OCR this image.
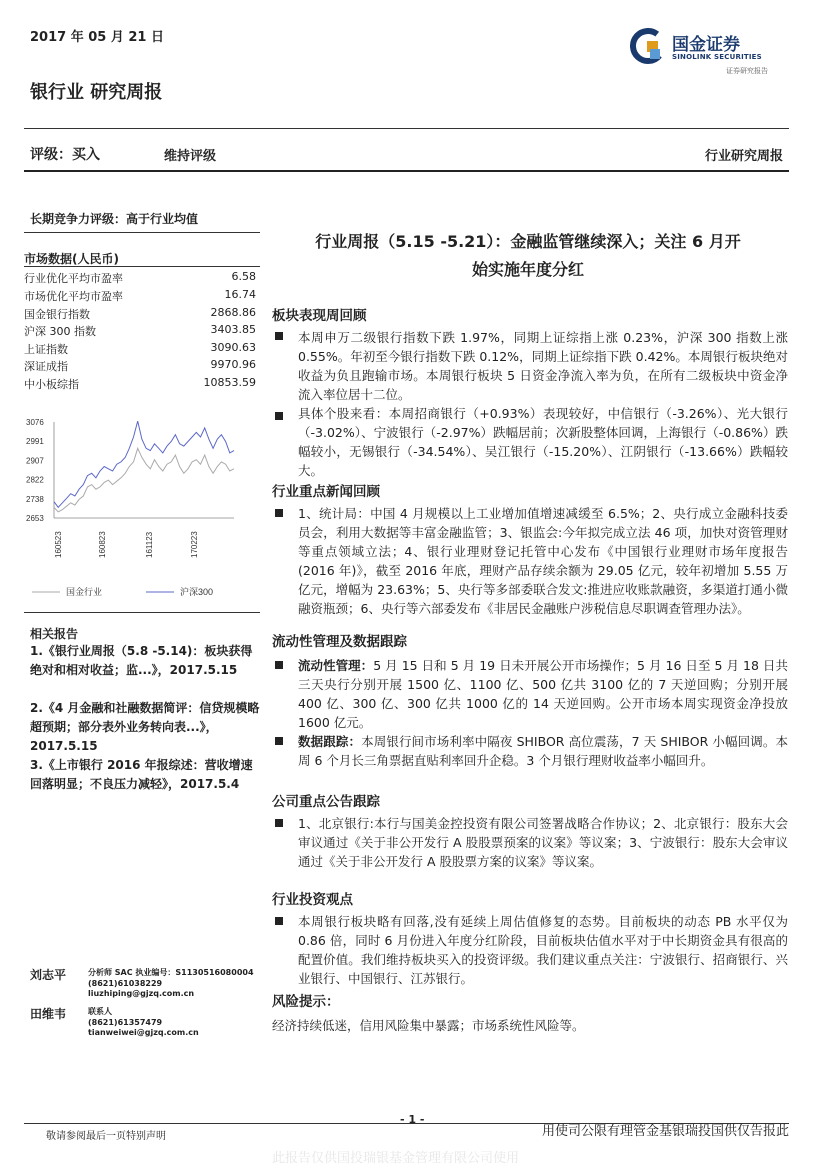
2017 年 05 月 21 日
银行业 研究周报
评级：买入	维持评级	行业研究周报
国金证券
SINOLINK SECURITIES
证券研究报告
长期竞争力评级：高于行业均值
市场数据(人民币)
行业优化平均市盈率	6.58
市场优化平均市盈率	16.74
国金银行指数	2868.86
沪深 300 指数	3403.85
上证指数	3090.63
深证成指	9970.96
中小板综指	10853.59
3076
2991
2907
2822
2738
2653
160523	160823	161123	170223
国金行业	沪深300
相关报告
1.《银行业周报（5.8 -5.14)：板块获得绝对和相对收益；监...》，2017.5.15
2.《4 月金融和社融数据简评：信贷规模略超预期；部分表外业务转向表...》，2017.5.15
3.《上市银行 2016 年报综述：营收增速回落明显；不良压力减轻》，2017.5.4
刘志平	分析师 SAC 执业编号：S1130516080004
(8621)61038229
liuzhiping@gjzq.com.cn
田维韦	联系人
(8621)61357479
tianweiwei@gjzq.com.cn
行业周报（5.15 -5.21）：金融监管继续深入；关注 6 月开
始实施年度分红
板块表现周回顾
本周申万二级银行指数下跌 1.97%，同期上证综指上涨 0.23%，沪深 300 指数上涨 0.55%。年初至今银行指数下跌 0.12%，同期上证综指下跌 0.42%。本周银行板块绝对收益为负且跑输市场。本周银行板块 5 日资金净流入率为负，在所有二级板块中资金净流入率位居十二位。
具体个股来看：本周招商银行（+0.93%）表现较好，中信银行（-3.26%）、光大银行（-3.02%）、宁波银行（-2.97%）跌幅居前；次新股整体回调，上海银行（-0.86%）跌幅较小，无锡银行（-34.54%）、吴江银行（-15.20%）、江阴银行（-13.66%）跌幅较大。
行业重点新闻回顾
1、统计局：中国 4 月规模以上工业增加值增速减缓至 6.5%；2、央行成立金融科技委员会，利用大数据等丰富金融监管；3、银监会:今年拟完成立法 46 项，加快对资管理财等重点领域立法；4、银行业理财登记托管中心发布《中国银行业理财市场年度报告(2016 年)》，截至 2016 年底，理财产品存续余额为 29.05 亿元，较年初增加 5.55 万亿元，增幅为 23.63%；5、央行等多部委联合发文:推进应收账款融资，多渠道打通小微融资瓶颈；6、央行等六部委发布《非居民金融账户涉税信息尽职调查管理办法》。
流动性管理及数据跟踪
流动性管理：5 月 15 日和 5 月 19 日未开展公开市场操作；5 月 16 日至 5 月 18 日共三天央行分别开展 1500 亿、1100 亿、500 亿共 3100 亿的 7 天逆回购；分别开展 400 亿、300 亿、300 亿共 1000 亿的 14 天逆回购。公开市场本周实现资金净投放 1600 亿元。
数据跟踪：本周银行间市场利率中隔夜 SHIBOR 高位震荡，7 天 SHIBOR 小幅回调。本周 6 个月长三角票据直贴利率回升企稳。3 个月银行理财收益率小幅回升。
公司重点公告跟踪
1、北京银行:本行与国美金控投资有限公司签署战略合作协议；2、北京银行：股东大会审议通过《关于非公开发行 A 股股票预案的议案》等议案；3、宁波银行：股东大会审议通过《关于非公开发行 A 股股票方案的议案》等议案。
行业投资观点
本周银行板块略有回落,没有延续上周估值修复的态势。目前板块的动态 PB 水平仅为 0.86 倍，同时 6 月份进入年度分红阶段，目前板块估值水平对于中长期资金具有很高的配置价值。我们维持板块买入的投资评级。我们建议重点关注：宁波银行、招商银行、兴业银行、中国银行、江苏银行。
风险提示：
经济持续低迷，信用风险集中暴露；市场系统性风险等。
- 1 -
敬请参阅最后一页特别声明	用使司公限有理管金基银瑞投国供仅告报此
此报告仅供国投瑞银基金管理有限公司使用
